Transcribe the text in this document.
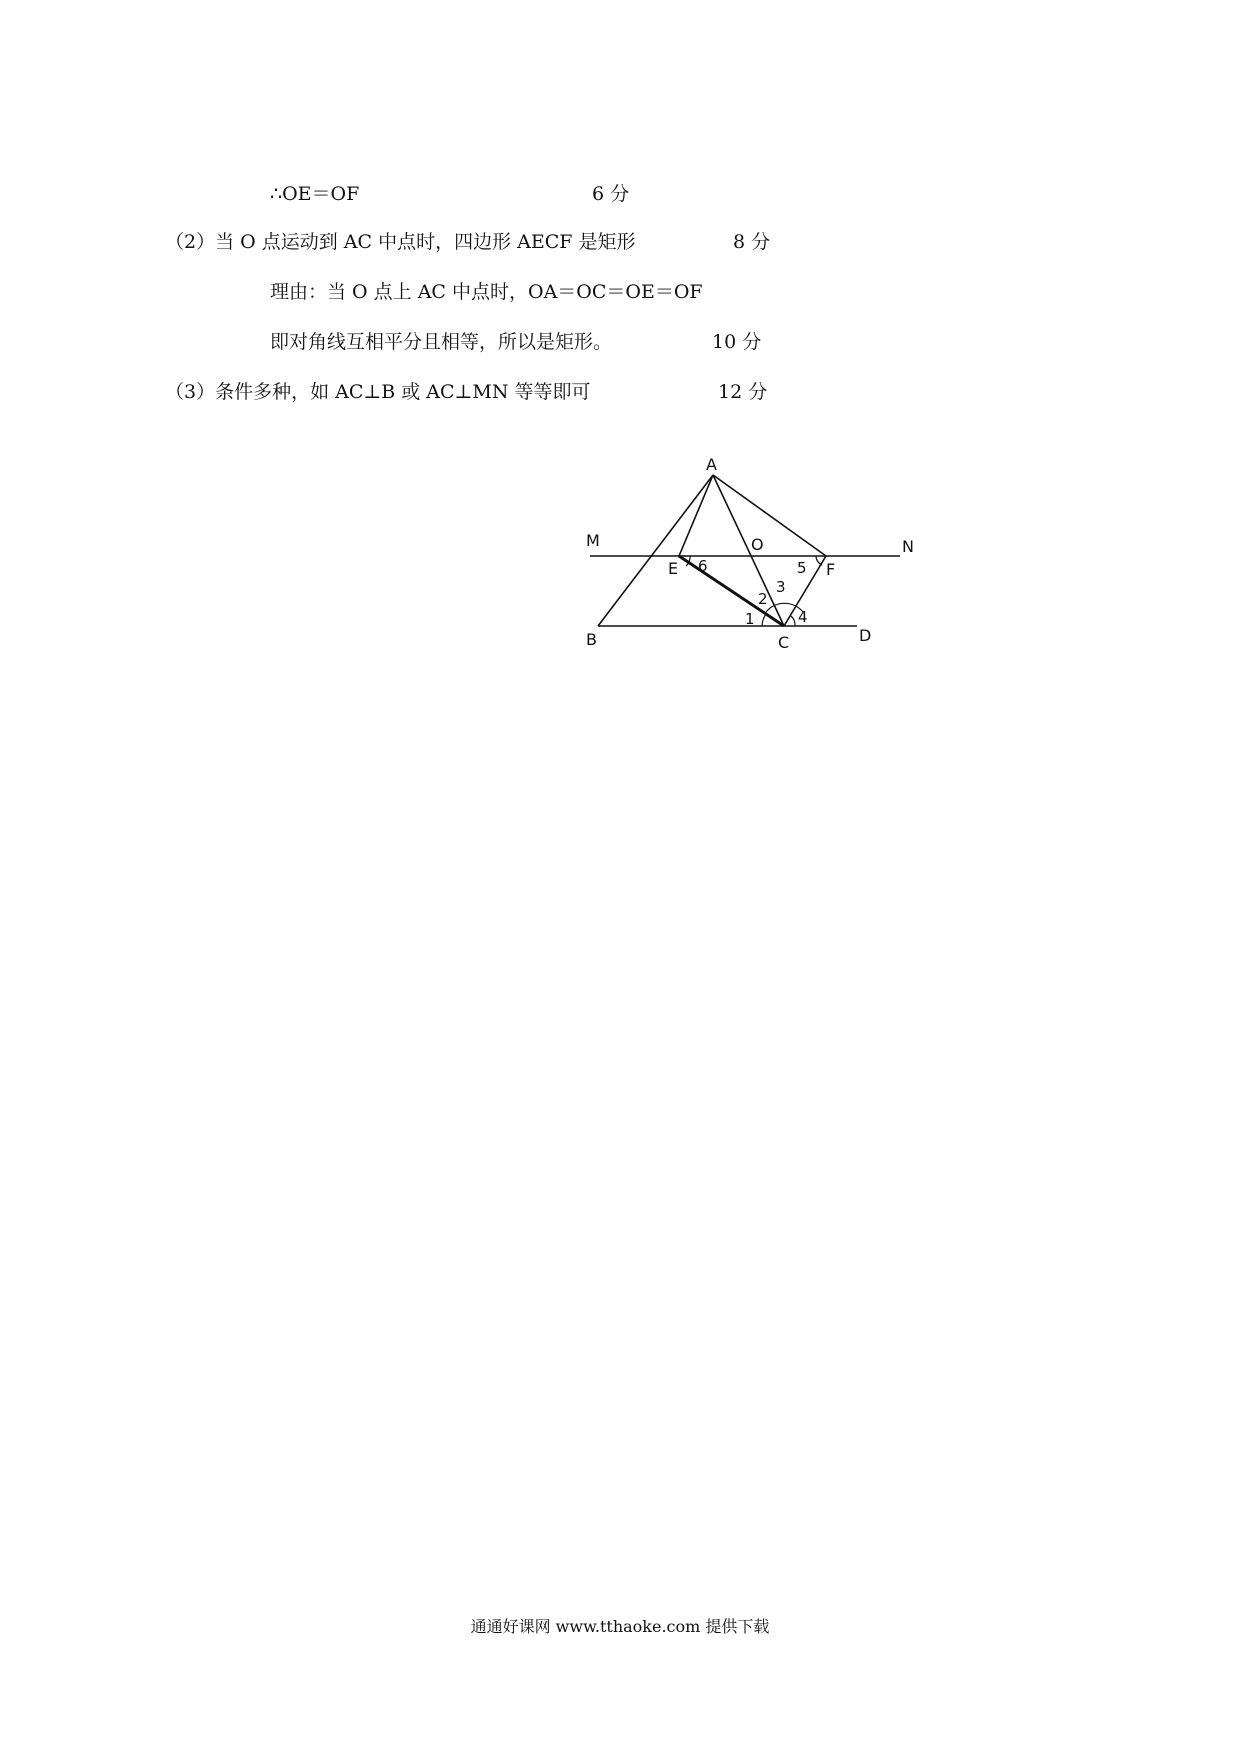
∴OE＝OF	6 分
（2）当 O 点运动到 AC 中点时，四边形 AECF 是矩形	8 分
理由：当 O 点上 AC 中点时，OA＝OC＝OE＝OF
即对角线互相平分且相等，所以是矩形。	10 分
（3）条件多种，如 AC⊥B 或 AC⊥MN 等等即可	12 分
A
M	N
O
E	F
B	C	D
1
2
3
4
5
6
通通好课网 www.tthaoke.com 提供下载
